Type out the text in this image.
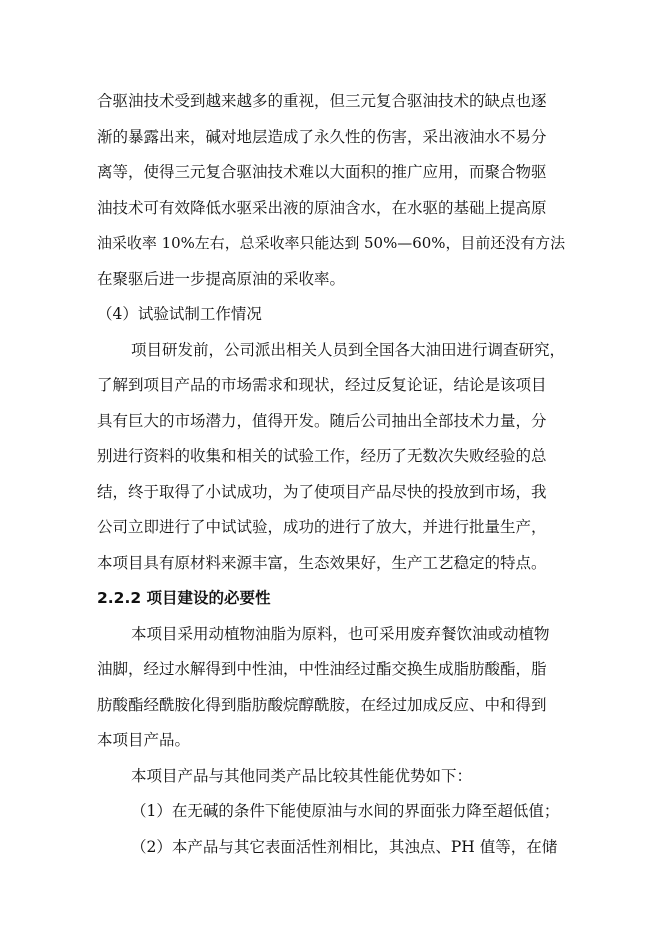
合驱油技术受到越来越多的重视，但三元复合驱油技术的缺点也逐
渐的暴露出来，碱对地层造成了永久性的伤害，采出液油水不易分
离等，使得三元复合驱油技术难以大面积的推广应用，而聚合物驱
油技术可有效降低水驱采出液的原油含水，在水驱的基础上提高原
油采收率 10%左右，总采收率只能达到 50%—60%，目前还没有方法
在聚驱后进一步提高原油的采收率。
（4）试验试制工作情况
项目研发前，公司派出相关人员到全国各大油田进行调查研究，
了解到项目产品的市场需求和现状，经过反复论证，结论是该项目
具有巨大的市场潜力，值得开发。随后公司抽出全部技术力量，分
别进行资料的收集和相关的试验工作，经历了无数次失败经验的总
结，终于取得了小试成功，为了使项目产品尽快的投放到市场，我
公司立即进行了中试试验，成功的进行了放大，并进行批量生产，
本项目具有原材料来源丰富，生态效果好，生产工艺稳定的特点。
2.2.2 项目建设的必要性
本项目采用动植物油脂为原料，也可采用废弃餐饮油或动植物
油脚，经过水解得到中性油，中性油经过酯交换生成脂肪酸酯，脂
肪酸酯经酰胺化得到脂肪酸烷醇酰胺，在经过加成反应、中和得到
本项目产品。
本项目产品与其他同类产品比较其性能优势如下：
（1）在无碱的条件下能使原油与水间的界面张力降至超低值；
（2）本产品与其它表面活性剂相比，其浊点、PH 值等，在储
